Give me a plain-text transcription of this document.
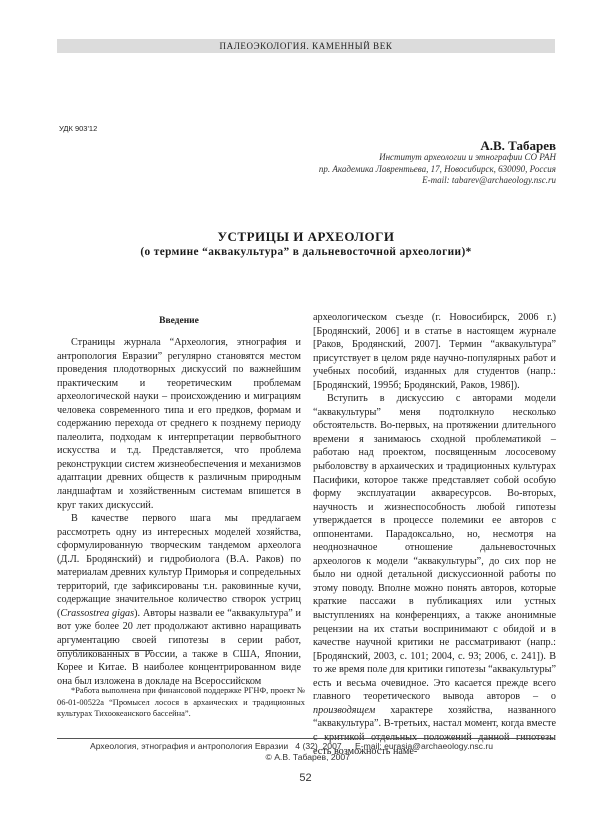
ПАЛЕОЭКОЛОГИЯ. КАМЕННЫЙ ВЕК
УДК 903'12
А.В. Табарев
Институт археологии и этнографии СО РАН
пр. Академика Лаврентьева, 17, Новосибирск, 630090, Россия
E-mail: tabarev@archaeology.nsc.ru
УСТРИЦЫ И АРХЕОЛОГИ
(о термине “аквакультура” в дальневосточной археологии)*
Введение

Страницы журнала “Археология, этнография и антропология Евразии” регулярно становятся местом проведения плодотворных дискуссий по важнейшим практическим и теоретическим проблемам археологической науки – происхождению и миграциям человека современного типа и его предков, формам и содержанию перехода от среднего к позднему периоду палеолита, подходам к интерпретации первобытного искусства и т.д. Представляется, что проблема реконструкции систем жизнеобеспечения и механизмов адаптации древних обществ к различным природным ландшафтам и хозяйственным системам впишется в круг таких дискуссий.

В качестве первого шага мы предлагаем рассмотреть одну из интересных моделей хозяйства, сформулированную творческим тандемом археолога (Д.Л. Бродянский) и гидробиолога (В.А. Раков) по материалам древних культур Приморья и сопредельных территорий, где зафиксированы т.н. раковинные кучи, содержащие значительное количество створок устриц (Crassostrea gigas). Авторы назвали ее “аквакультура” и вот уже более 20 лет продолжают активно наращивать аргументацию своей гипотезы в серии работ, опубликованных в России, а также в США, Японии, Корее и Китае. В наиболее концентрированном виде она был изложена в докладе на Всероссийском

археологическом съезде (г. Новосибирск, 2006 г.) [Бродянский, 2006] и в статье в настоящем журнале [Раков, Бродянский, 2007]. Термин “аквакультура” присутствует в целом ряде научно-популярных работ и учебных пособий, изданных для студентов (напр.: [Бродянский, 1995б; Бродянский, Раков, 1986]).

Вступить в дискуссию с авторами модели “аквакультуры” меня подтолкнуло несколько обстоятельств. Во-первых, на протяжении длительного времени я занимаюсь сходной проблематикой – работаю над проектом, посвященным лососевому рыболовству в архаических и традиционных культурах Пасифики, которое также представляет собой особую форму эксплуатации акваресурсов. Во-вторых, научность и жизнеспособность любой гипотезы утверждается в процессе полемики ее авторов с оппонентами. Парадоксально, но, несмотря на неоднозначное отношение дальневосточных археологов к модели “аквакультуры”, до сих пор не было ни одной детальной дискуссионной работы по этому поводу. Вполне можно понять авторов, которые краткие пассажи в публикациях или устных выступлениях на конференциях, а также анонимные рецензии на их статьи воспринимают с обидой и в качестве научной критики не рассматривают (напр.: [Бродянский, 2003, с. 101; 2004, с. 93; 2006, с. 241]). В то же время поле для критики гипотезы “аквакультуры” есть и весьма очевидное. Это касается прежде всего главного теоретического вывода авторов – о производящем характере хозяйства, названного “аквакультура”. В-третьих, настал момент, когда вместе с критикой отдельных положений данной гипотезы есть возможность наме-

*Работа выполнена при финансовой поддержке РГНФ, проект № 06-01-00522а “Промысел лосося в архаических и традиционных культурах Тихоокеанского бассейна”.

Археология, этнография и антропология Евразии   4 (32)  2007 E-mail: eurasia@archaeology.nsc.ru
© А.В. Табарев, 2007
52
